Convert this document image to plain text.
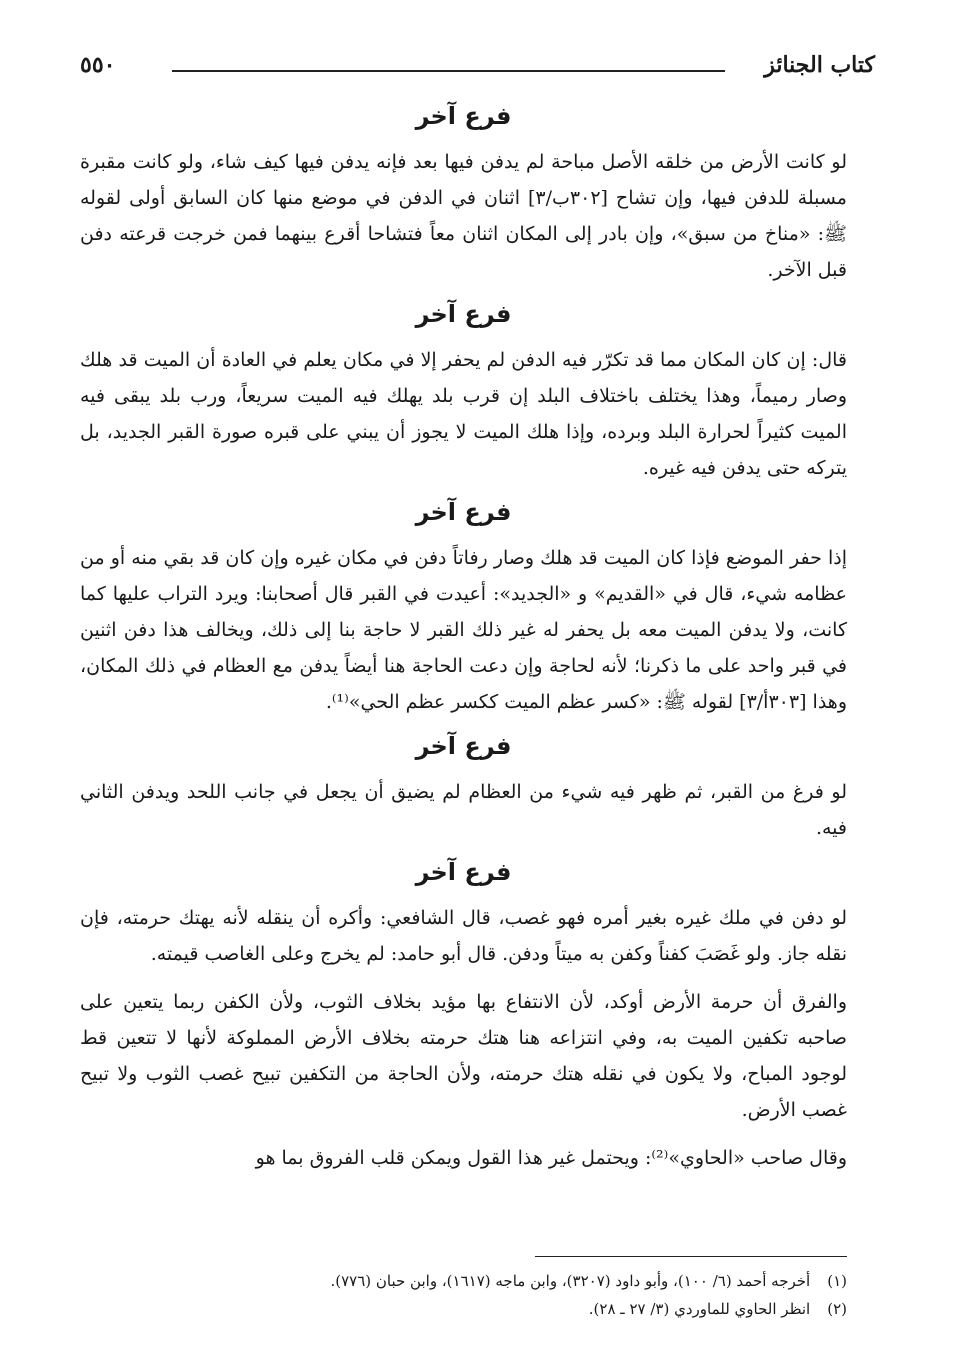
كتاب الجنائز
٥٥٠
فرع آخر

لو كانت الأرض من خلقه الأصل مباحة لم يدفن فيها بعد فإنه يدفن فيها كيف شاء، ولو كانت مقبرة مسبلة للدفن فيها، وإن تشاح [٣٠٢ب/٣] اثنان في الدفن في موضع منها كان السابق أولى لقوله ﷺ: «مناخ من سبق»، وإن بادر إلى المكان اثنان معاً فتشاحا أقرع بينهما فمن خرجت قرعته دفن قبل الآخر.

فرع آخر

قال: إن كان المكان مما قد تكرّر فيه الدفن لم يحفر إلا في مكان يعلم في العادة أن الميت قد هلك وصار رميماً، وهذا يختلف باختلاف البلد إن قرب بلد يهلك فيه الميت سريعاً، ورب بلد يبقى فيه الميت كثيراً لحرارة البلد وبرده، وإذا هلك الميت لا يجوز أن يبني على قبره صورة القبر الجديد، بل يتركه حتى يدفن فيه غيره.

فرع آخر

إذا حفر الموضع فإذا كان الميت قد هلك وصار رفاتاً دفن في مكان غيره وإن كان قد بقي منه أو من عظامه شيء، قال في «القديم» و «الجديد»: أعيدت في القبر قال أصحابنا: ويرد التراب عليها كما كانت، ولا يدفن الميت معه بل يحفر له غير ذلك القبر لا حاجة بنا إلى ذلك، ويخالف هذا دفن اثنين في قبر واحد على ما ذكرنا؛ لأنه لحاجة وإن دعت الحاجة هنا أيضاً يدفن مع العظام في ذلك المكان، وهذا [٣٠٣أ/٣] لقوله ﷺ: «كسر عظم الميت ككسر عظم الحي»⁽¹⁾.

فرع آخر

لو فرغ من القبر، ثم ظهر فيه شيء من العظام لم يضيق أن يجعل في جانب اللحد ويدفن الثاني فيه.

فرع آخر

لو دفن في ملك غيره بغير أمره فهو غصب، قال الشافعي: وأكره أن ينقله لأنه يهتك حرمته، فإن نقله جاز. ولو غَصَبَ كفناً وكفن به ميتاً ودفن. قال أبو حامد: لم يخرج وعلى الغاصب قيمته.

والفرق أن حرمة الأرض أوكد، لأن الانتفاع بها مؤيد بخلاف الثوب، ولأن الكفن ربما يتعين على صاحبه تكفين الميت به، وفي انتزاعه هنا هتك حرمته بخلاف الأرض المملوكة لأنها لا تتعين قط لوجود المباح، ولا يكون في نقله هتك حرمته، ولأن الحاجة من التكفين تبيح غصب الثوب ولا تبيح غصب الأرض.

وقال صاحب «الحاوي»⁽²⁾: ويحتمل غير هذا القول ويمكن قلب الفروق بما هو

(١) أخرجه أحمد (٦/ ١٠٠)، وأبو داود (٣٢٠٧)، وابن ماجه (١٦١٧)، وابن حبان (٧٧٦).
(٢) انظر الحاوي للماوردي (٣/ ٢٧ ـ ٢٨).
